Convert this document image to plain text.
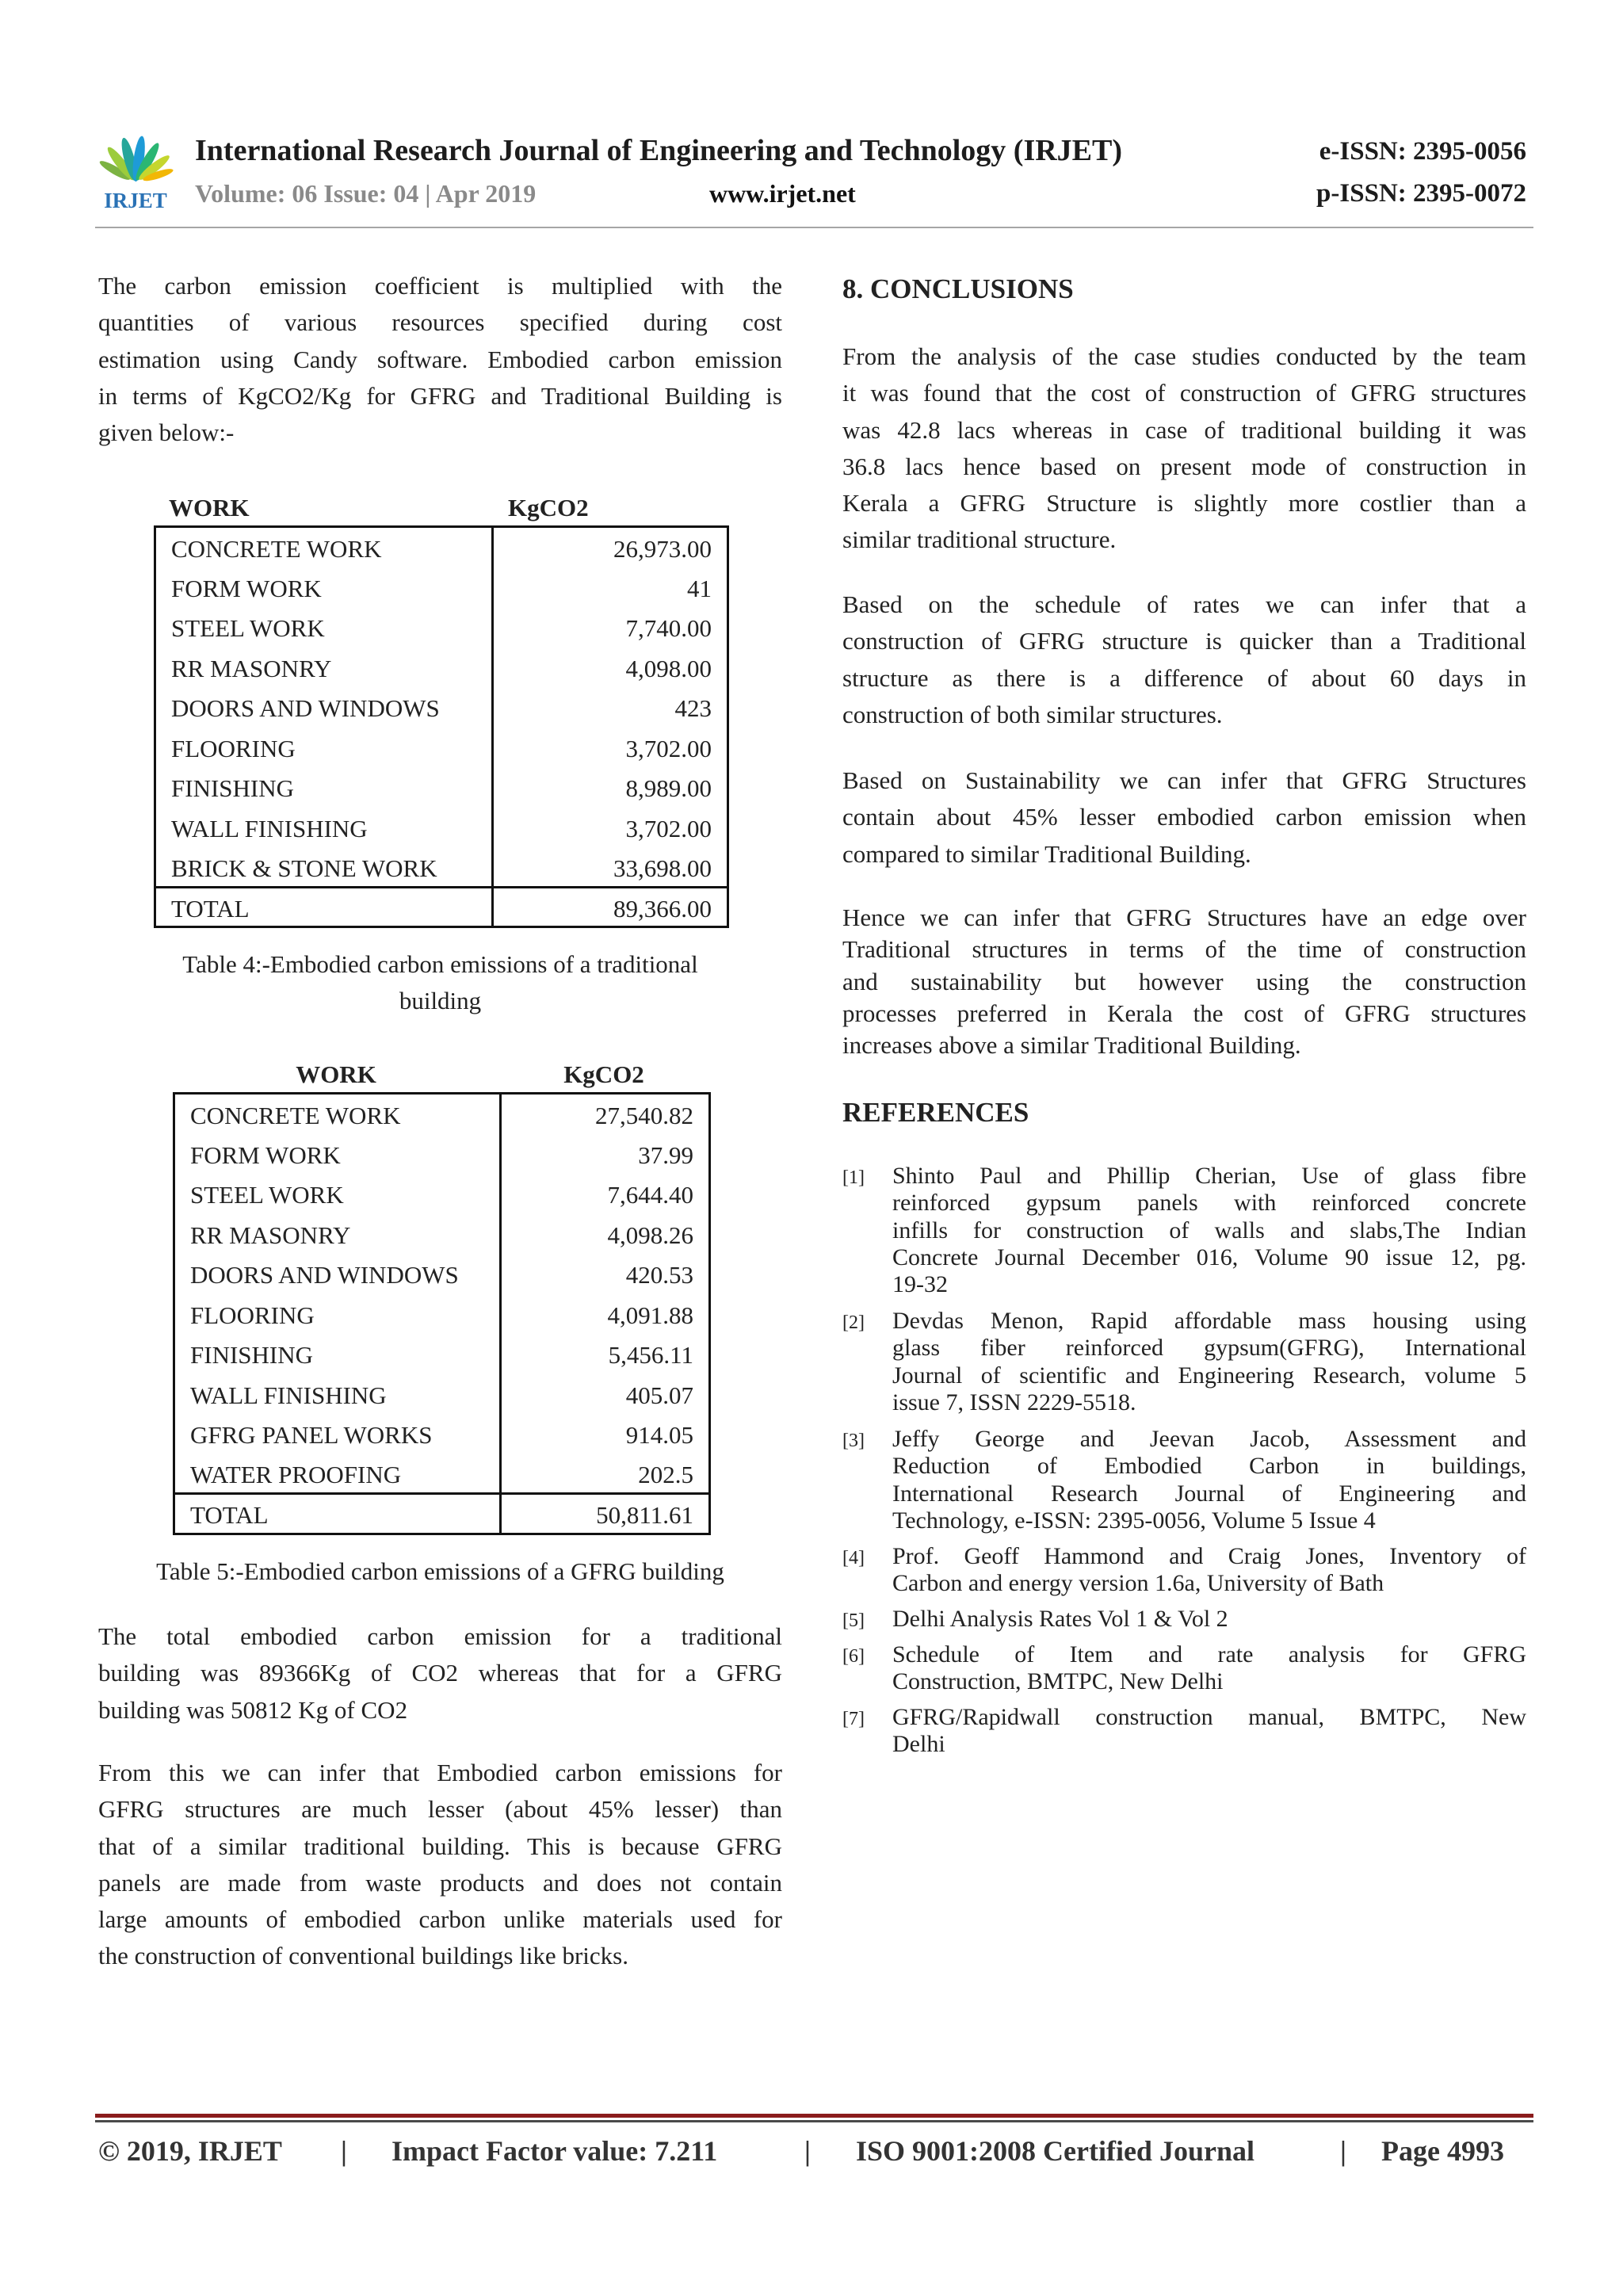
IRJET
International Research Journal of Engineering and Technology (IRJET)	e-ISSN: 2395-0056
Volume: 06 Issue: 04 | Apr 2019	www.irjet.net	p-ISSN: 2395-0072
The carbon emission coefficient is multiplied with the
quantities of various resources specified during cost
estimation using Candy software. Embodied carbon emission
in terms of KgCO2/Kg for GFRG and Traditional Building is
given below:-
WORK	KgCO2
CONCRETE WORK	26,973.00
FORM WORK	41
STEEL WORK	7,740.00
RR MASONRY	4,098.00
DOORS AND WINDOWS	423
FLOORING	3,702.00
FINISHING	8,989.00
WALL FINISHING	3,702.00
BRICK & STONE WORK	33,698.00
TOTAL	89,366.00
Table 4:-Embodied carbon emissions of a traditional
building
WORK	KgCO2
CONCRETE WORK	27,540.82
FORM WORK	37.99
STEEL WORK	7,644.40
RR MASONRY	4,098.26
DOORS AND WINDOWS	420.53
FLOORING	4,091.88
FINISHING	5,456.11
WALL FINISHING	405.07
GFRG PANEL WORKS	914.05
WATER PROOFING	202.5
TOTAL	50,811.61
Table 5:-Embodied carbon emissions of a GFRG building
The total embodied carbon emission for a traditional
building was 89366Kg of CO2 whereas that for a GFRG
building was 50812 Kg of CO2
From this we can infer that Embodied carbon emissions for
GFRG structures are much lesser (about 45% lesser) than
that of a similar traditional building. This is because GFRG
panels are made from waste products and does not contain
large amounts of embodied carbon unlike materials used for
the construction of conventional buildings like bricks.
8. CONCLUSIONS
From the analysis of the case studies conducted by the team
it was found that the cost of construction of GFRG structures
was 42.8 lacs whereas in case of traditional building it was
36.8 lacs hence based on present mode of construction in
Kerala a GFRG Structure is slightly more costlier than a
similar traditional structure.
Based on the schedule of rates we can infer that a
construction of GFRG structure is quicker than a Traditional
structure as there is a difference of about 60 days in
construction of both similar structures.
Based on Sustainability we can infer that GFRG Structures
contain about 45% lesser embodied carbon emission when
compared to similar Traditional Building.
Hence we can infer that GFRG Structures have an edge over
Traditional structures in terms of the time of construction
and sustainability but however using the construction
processes preferred in Kerala the cost of GFRG structures
increases above a similar Traditional Building.
REFERENCES
[1] Shinto Paul and Phillip Cherian, Use of glass fibre
reinforced gypsum panels with reinforced concrete
infills for construction of walls and slabs,The Indian
Concrete Journal December 016, Volume 90 issue 12, pg.
19-32
[2] Devdas Menon, Rapid affordable mass housing using
glass fiber reinforced gypsum(GFRG), International
Journal of scientific and Engineering Research, volume 5
issue 7, ISSN 2229-5518.
[3] Jeffy George and Jeevan Jacob, Assessment and
Reduction of Embodied Carbon in buildings,
International Research Journal of Engineering and
Technology, e-ISSN: 2395-0056, Volume 5 Issue 4
[4] Prof. Geoff Hammond and Craig Jones, Inventory of
Carbon and energy version 1.6a, University of Bath
[5] Delhi Analysis Rates Vol 1 & Vol 2
[6] Schedule of Item and rate analysis for GFRG
Construction, BMTPC, New Delhi
[7] GFRG/Rapidwall construction manual, BMTPC, New
Delhi
© 2019, IRJET | Impact Factor value: 7.211	| ISO 9001:2008 Certified Journal	| Page 4993
